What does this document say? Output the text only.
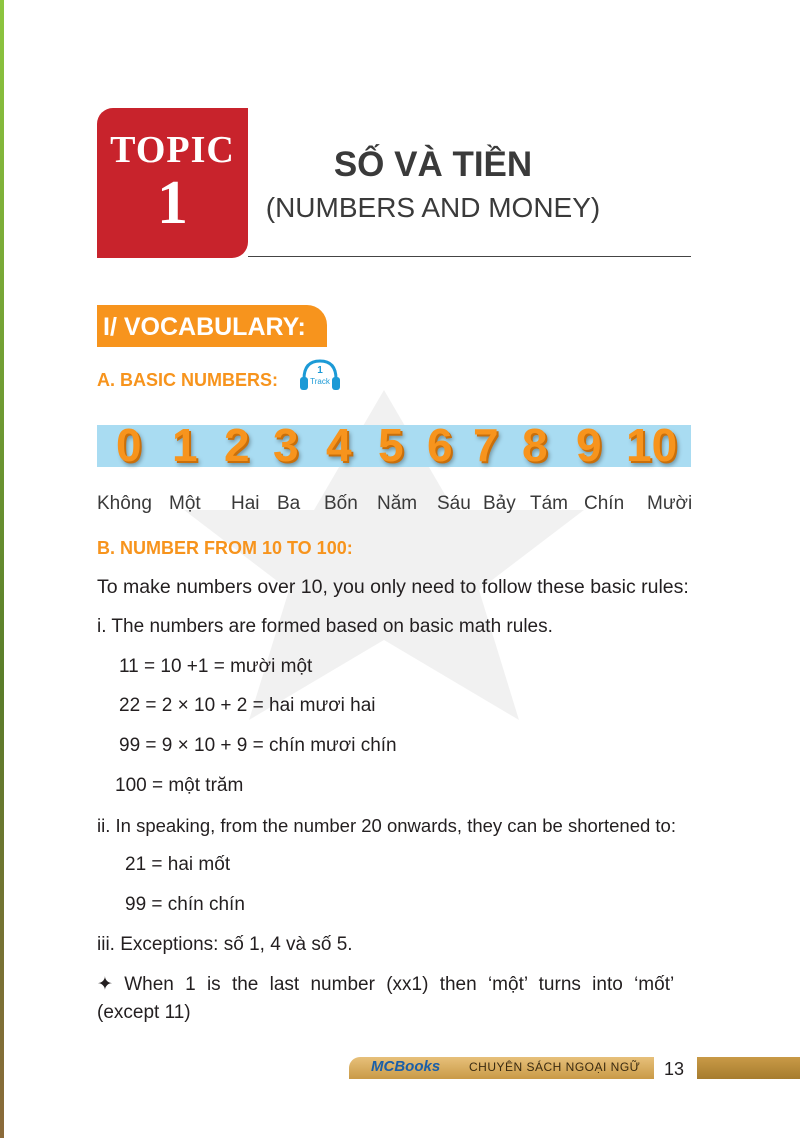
TOPIC
1
SỐ VÀ TIỀN
(NUMBERS AND MONEY)
I/ VOCABULARY:
A. BASIC NUMBERS:	1
Track
0 1 2 3 4 5 6 7 8 9 10
Không Một Hai Ba Bốn Năm Sáu Bảy Tám Chín Mười
B. NUMBER FROM 10 TO 100:
To make numbers over 10, you only need to follow these basic rules:
i. The numbers are formed based on basic math rules.
11 = 10 +1 = mười một
22 = 2 × 10 + 2 = hai mươi hai
99 = 9 × 10 + 9 = chín mươi chín
100 = một trăm
ii. In speaking, from the number 20 onwards, they can be shortened to:
21 = hai mốt
99 = chín chín
iii. Exceptions: số 1, 4 và số 5.
✦ When 1 is the last number (xx1) then ‘một’ turns into ‘mốt’
(except 11)
MCBooks CHUYÊN SÁCH NGOẠI NGỮ 13
